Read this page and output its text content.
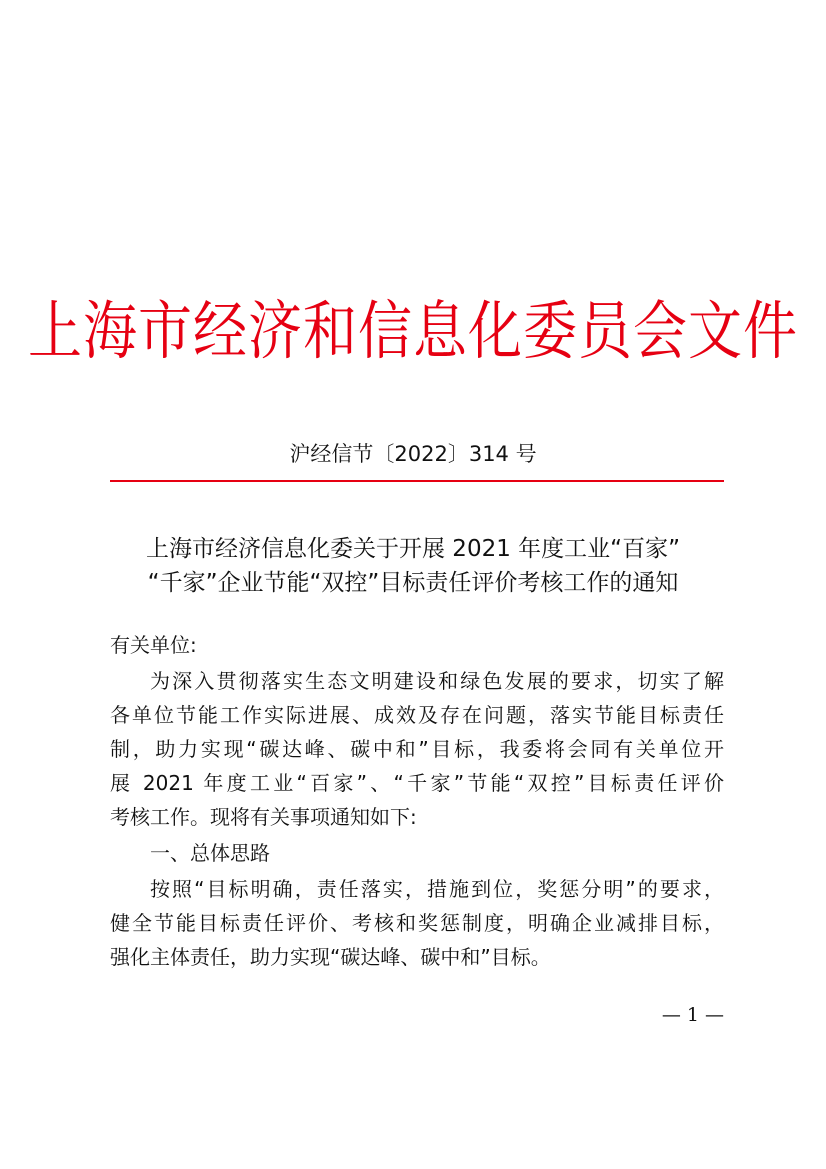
上海市经济和信息化委员会文件
沪经信节〔2022〕314 号
上海市经济信息化委关于开展 2021 年度工业“百家”
“千家”企业节能“双控”目标责任评价考核工作的通知
有关单位:
为深入贯彻落实生态文明建设和绿色发展的要求，切实了解
各单位节能工作实际进展、成效及存在问题，落实节能目标责任
制，助力实现“碳达峰、碳中和”目标，我委将会同有关单位开
展 2021 年度工业“百家”、“千家”节能“双控”目标责任评价
考核工作。现将有关事项通知如下:
一、总体思路
按照“目标明确，责任落实，措施到位，奖惩分明”的要求，
健全节能目标责任评价、考核和奖惩制度，明确企业减排目标，
强化主体责任，助力实现“碳达峰、碳中和”目标。
— 1 —
